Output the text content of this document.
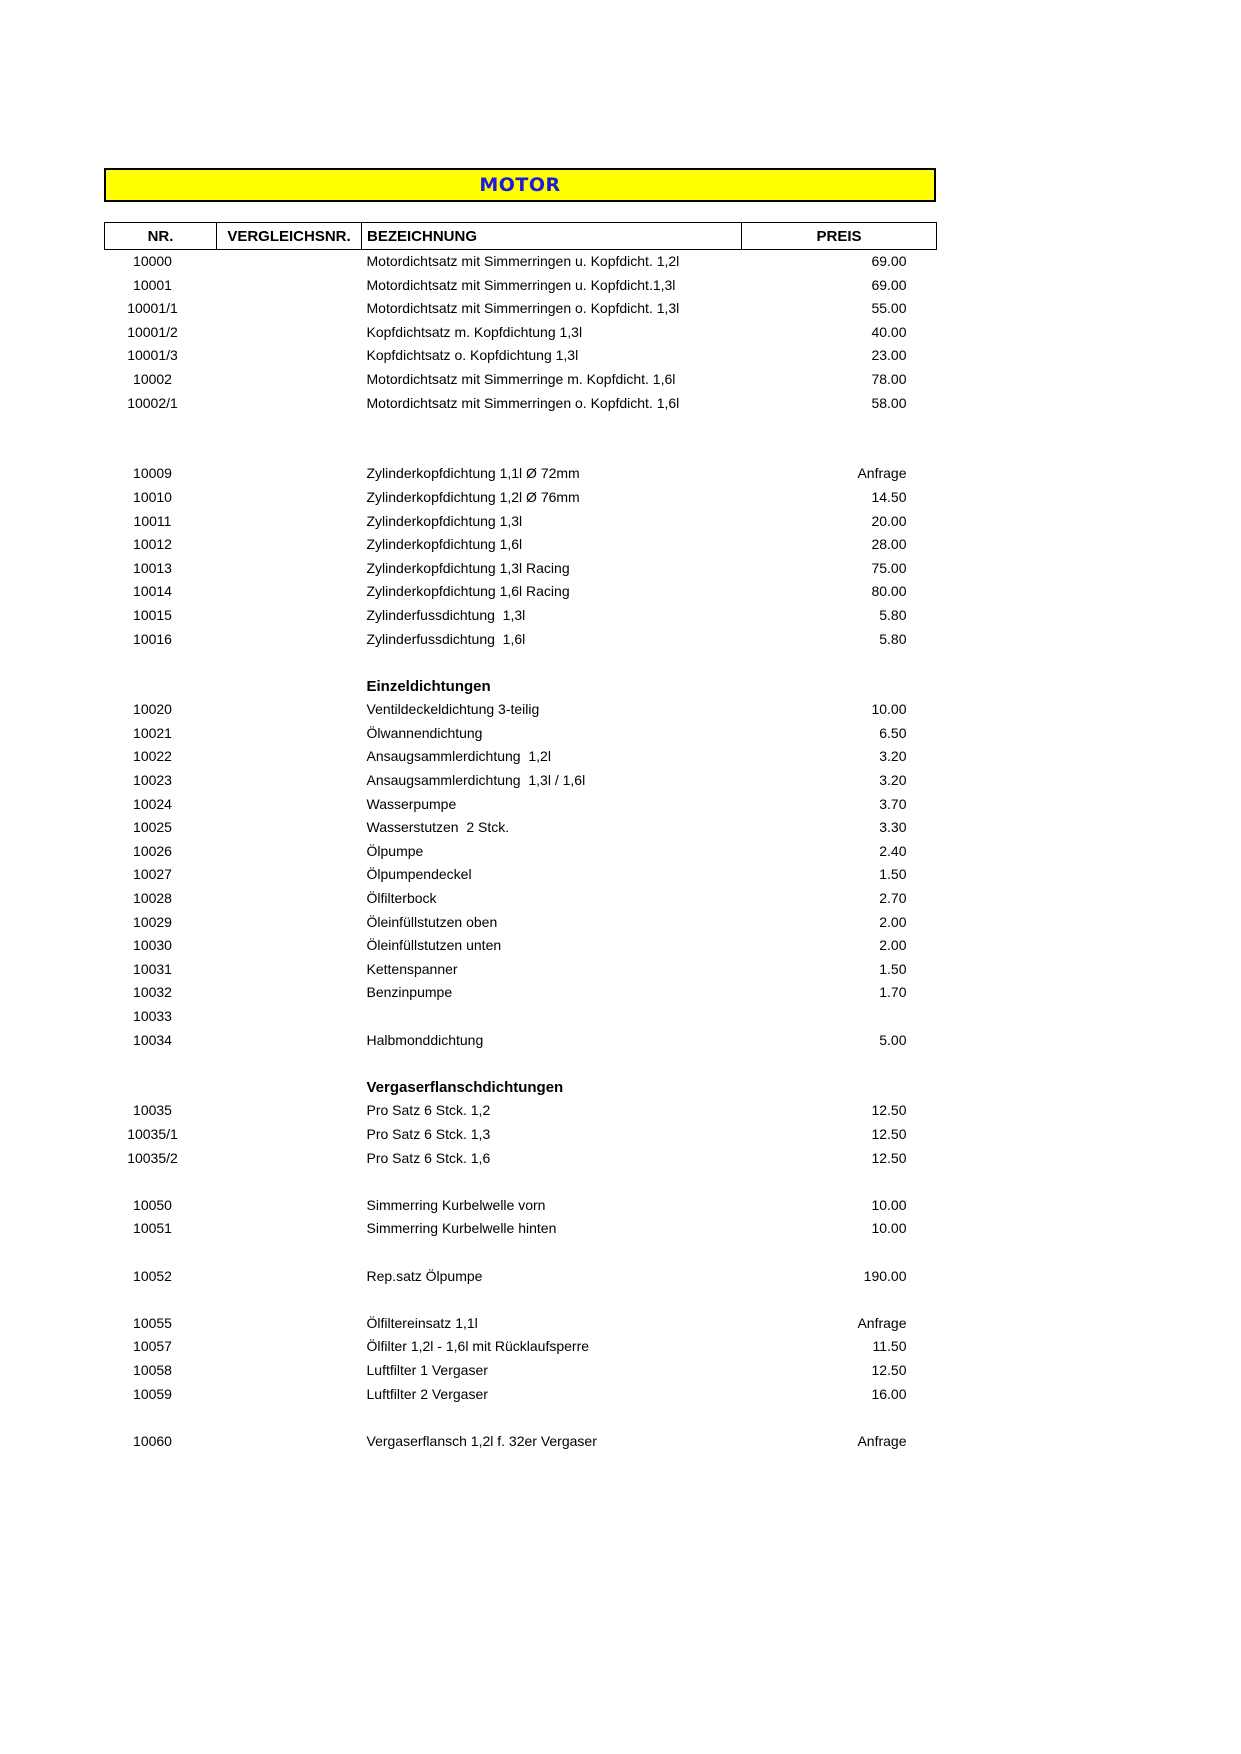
MOTOR
NR.	VERGLEICHSNR.	BEZEICHNUNG	PREIS
10000		Motordichtsatz mit Simmerringen u. Kopfdicht. 1,2l	69.00
10001		Motordichtsatz mit Simmerringen u. Kopfdicht.1,3l	69.00
10001/1		Motordichtsatz mit Simmerringen o. Kopfdicht. 1,3l	55.00
10001/2		Kopfdichtsatz m. Kopfdichtung 1,3l	40.00
10001/3		Kopfdichtsatz o. Kopfdichtung 1,3l	23.00
10002		Motordichtsatz mit Simmerringe m. Kopfdicht. 1,6l	78.00
10002/1		Motordichtsatz mit Simmerringen o. Kopfdicht. 1,6l	58.00

10009		Zylinderkopfdichtung 1,1l Ø 72mm	Anfrage
10010		Zylinderkopfdichtung 1,2l Ø 76mm	14.50
10011		Zylinderkopfdichtung 1,3l	20.00
10012		Zylinderkopfdichtung 1,6l	28.00
10013		Zylinderkopfdichtung 1,3l Racing	75.00
10014		Zylinderkopfdichtung 1,6l Racing	80.00
10015		Zylinderfussdichtung  1,3l	5.80
10016		Zylinderfussdichtung  1,6l	5.80

		Einzeldichtungen	
10020		Ventildeckeldichtung 3-teilig	10.00
10021		Ölwannendichtung	6.50
10022		Ansaugsammlerdichtung  1,2l	3.20
10023		Ansaugsammlerdichtung  1,3l / 1,6l	3.20
10024		Wasserpumpe	3.70
10025		Wasserstutzen  2 Stck.	3.30
10026		Ölpumpe	2.40
10027		Ölpumpendeckel	1.50
10028		Ölfilterbock	2.70
10029		Öleinfüllstutzen oben	2.00
10030		Öleinfüllstutzen unten	2.00
10031		Kettenspanner	1.50
10032		Benzinpumpe	1.70
10033			
10034		Halbmonddichtung	5.00

		Vergaserflanschdichtungen	
10035		Pro Satz 6 Stck. 1,2	12.50
10035/1		Pro Satz 6 Stck. 1,3	12.50
10035/2		Pro Satz 6 Stck. 1,6	12.50

10050		Simmerring Kurbelwelle vorn	10.00
10051		Simmerring Kurbelwelle hinten	10.00

10052		Rep.satz Ölpumpe	190.00

10055		Ölfiltereinsatz 1,1l	Anfrage
10057		Ölfilter 1,2l - 1,6l mit Rücklaufsperre	11.50
10058		Luftfilter 1 Vergaser	12.50
10059		Luftfilter 2 Vergaser	16.00

10060		Vergaserflansch 1,2l f. 32er Vergaser	Anfrage
